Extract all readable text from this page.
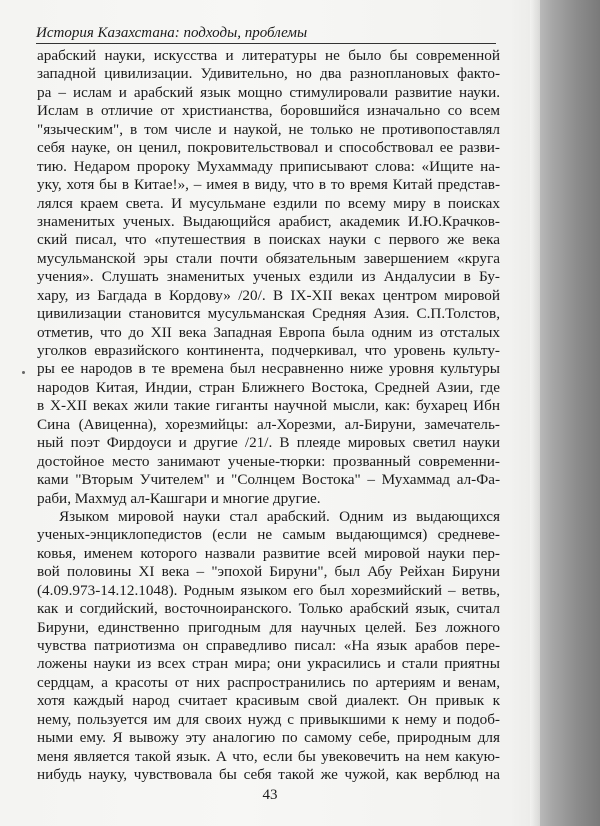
История Казахстана: подходы, проблемы
арабский науки, искусства и литературы не было бы современной
западной цивилизации. Удивительно, но два разноплановых факто-
ра – ислам и арабский язык мощно стимулировали развитие науки.
Ислам в отличие от христианства, боровшийся изначально со всем
"языческим", в том числе и наукой, не только не противопоставлял
себя науке, он ценил, покровительствовал и способствовал ее разви-
тию. Недаром пророку Мухаммаду приписывают слова: «Ищите на-
уку, хотя бы в Китае!», – имея в виду, что в то время Китай представ-
лялся краем света. И мусульмане ездили по всему миру в поисках
знаменитых ученых. Выдающийся арабист, академик И.Ю.Крачков-
ский писал, что «путешествия в поисках науки с первого же века
мусульманской эры стали почти обязательным завершением «круга
учения». Слушать знаменитых ученых ездили из Андалусии в Бу-
хару, из Багдада в Кордову» /20/. В IX-XII веках центром мировой
цивилизации становится мусульманская Средняя Азия. С.П.Толстов,
отметив, что до XII века Западная Европа была одним из отсталых
уголков евразийского континента, подчеркивал, что уровень культу-
ры ее народов в те времена был несравненно ниже уровня культуры
народов Китая, Индии, стран Ближнего Востока, Средней Азии, где
в X-XII веках жили такие гиганты научной мысли, как: бухарец Ибн
Сина (Авиценна), хорезмийцы: ал-Хорезми, ал-Бируни, замечатель-
ный поэт Фирдоуси и другие /21/. В плеяде мировых светил науки
достойное место занимают ученые-тюрки: прозванный современни-
ками "Вторым Учителем" и "Солнцем Востока" – Мухаммад ал-Фа-
раби, Махмуд ал-Кашгари и многие другие.
Языком мировой науки стал арабский. Одним из выдающихся
ученых-энциклопедистов (если не самым выдающимся) средневе-
ковья, именем которого назвали развитие всей мировой науки пер-
вой половины XI века – "эпохой Бируни", был Абу Рейхан Бируни
(4.09.973-14.12.1048). Родным языком его был хорезмийский – ветвь,
как и согдийский, восточноиранского. Только арабский язык, считал
Бируни, единственно пригодным для научных целей. Без ложного
чувства патриотизма он справедливо писал: «На язык арабов пере-
ложены науки из всех стран мира; они украсились и стали приятны
сердцам, а красоты от них распространились по артериям и венам,
хотя каждый народ считает красивым свой диалект. Он привык к
нему, пользуется им для своих нужд с привыкшими к нему и подоб-
ными ему. Я вывожу эту аналогию по самому себе, природным для
меня является такой язык. А что, если бы увековечить на нем какую-
нибудь науку, чувствовала бы себя такой же чужой, как верблюд на
43
